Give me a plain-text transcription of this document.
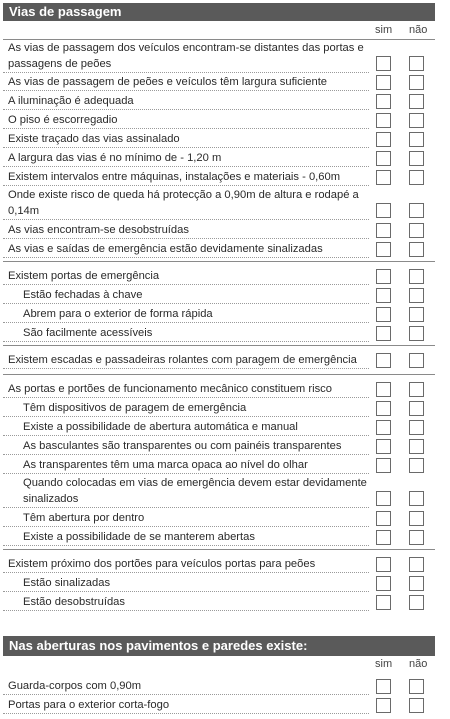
Vias de passagem
sim não
Nas aberturas nos pavimentos e paredes existe:
sim não
As vias de passagem dos veículos encontram-se distantes das portas e passagens de peões
As vias de passagem de peões e veículos têm largura suficiente
A iluminação é adequada
O piso é escorregadio
Existe traçado das vias assinalado
A largura das vias é no mínimo de - 1,20 m
Existem intervalos entre máquinas, instalações e materiais - 0,60m
Onde existe risco de queda há protecção a 0,90m de altura e rodapé a 0,14m
As vias encontram-se desobstruídas
As vias e saídas de emergência estão devidamente sinalizadas
Existem portas de emergência
Estão fechadas à chave
Abrem para o exterior de forma rápida
São facilmente acessíveis
Existem escadas e passadeiras rolantes com paragem de emergência
As portas e portões de funcionamento mecânico constituem risco
Têm dispositivos de paragem de emergência
Existe a possibilidade de abertura automática e manual
As basculantes são transparentes ou com painéis transparentes
As transparentes têm uma marca opaca ao nível do olhar
Quando colocadas em vias de emergência devem estar devidamente sinalizados
Têm abertura por dentro
Existe a possibilidade de se manterem abertas
Existem próximo dos portões para veículos portas para peões
Estão sinalizadas
Estão desobstruídas
Guarda-corpos com 0,90m
Portas para o exterior corta-fogo
